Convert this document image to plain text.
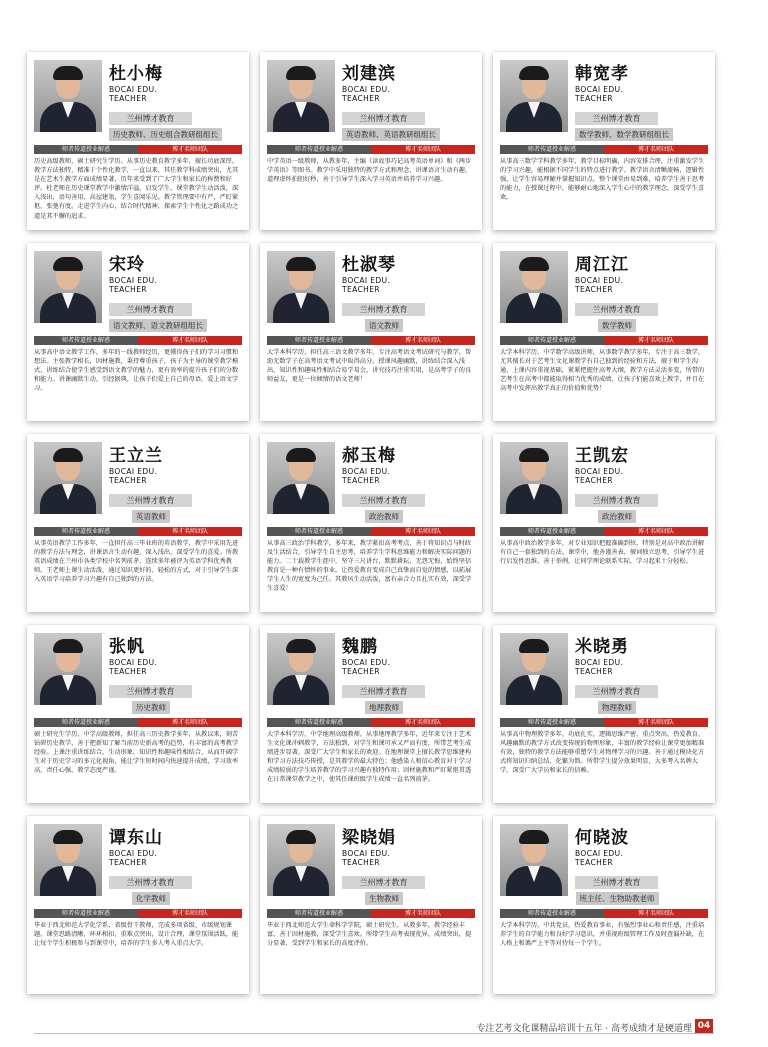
杜小梅
BOCAI EDU.
TEACHER
兰州博才教育
历史教师、历史组合教研组组长
师者传道授业解惑	博才名师团队
历史高级教师，硕士研究生学历。从事历史教育教学多年，擅长功底深厚，教学方法独特，精准于个性化教学，一直以来，其任教学科成绩突出，尤其是在艺术生教学方面成绩显著，历年来受到了广大学生和家长的称赞和好评。杜老师在历史课堂教学中激情洋溢，启发学生，课堂教学生动活泼，深入浅出，语句善用，高屋建瓴，学生喜闻乐见。教学管理要中有严，严盯紧抠，张弛有度。走进学生内心，结合时代精神，探索学生个性化之路成功之道是其不懈的追求。
刘建滨
BOCAI EDU.
TEACHER
兰州博才教育
英语教师、英语教研组组长
师者传道授业解惑	博才名师团队
中学英语一级教师，从教多年，主编《读故事巧记高考英语单词》和《两步学英语》等图书。教学中采用独特的教学方式和理念，讲课语言生动有趣，道理虚怀拍胆好秒，善于引导学生深入学习英语并培养学习兴趣。
韩宽孝
BOCAI EDU.
TEACHER
兰州博才教育
数学教师、数学教研组组长
师者传道授业解惑	博才名师团队
从事高三数学学科教学多年，教学目标明确，内容安排合理，注重激发学生的学习兴趣，能根据不同学生的特点进行教学。教学语言清晰流畅，逻辑性强，让学生容易理解并掌握知识点。整个课堂由易到难，培养学生善于思考的能力，在授课过程中，能够耐心地深入学生心中的教学理念，深受学生喜欢。
宋玲
BOCAI EDU.
TEACHER
兰州博才教育
语文教师、语文教研组组长
师者传道授业解惑	博才名师团队
从事高中语文教学工作，多年的一线教师经历，更懂得孩子们的学习习惯和想法。主张教学相长，因材施教，秉持尊重孩子，孩子为主导的课堂教学模式，讲练结合使学生感受到语文教学的魅力，更有效率的提升孩子们的分数和能力。讲课幽默生动，引经据典，让孩子们爱上自己的母语，爱上语文学习。
杜淑琴
BOCAI EDU.
TEACHER
兰州博才教育
语文教师
师者传道授业解惑	博才名师团队
大学本科学历，担任高三语文教学多年，专注高考语文考试研究与教学，帮助无数学子在高考语文考试中取得高分。授课风趣幽默，讲练结合深入浅出，知识性和趣味性相结合易学易会，讲究技巧注重实用，是高考学子的良师益友，更是一位倾情的语文老师！
周江江
BOCAI EDU.
TEACHER
兰州博才教育
数学教师
师者传道授业解惑	博才名师团队
大学本科学历，中学数学高级讲师，从事数学教学多年，专注于高三数学，尤其擅长对于艺考生文化课教学有自己独到的经验和方法，擅于和学生沟通，上课内容重视基础，紧紧把握住高考大纲，教学方法灵活多变，所带的艺考生在高考中都能取得相当优秀的成绩，让孩子们能喜欢上教学，并且在高考中发挥出教学真正的价值和优势！
王立兰
BOCAI EDU.
TEACHER
兰州博才教育
英语教师
师者传道授业解惑	博才名师团队
从事英语教学工作多年，一直担任高三毕业班的英语教学，教学中采用先进的教学方法与理念，讲课语言生动有趣，深入浅出，深受学生的喜爱。所教英语成绩在兰州市各类学校中名列前茅，连续多年被评为英语学科优秀教师。王老师上课生动活泼，通过知识更好的、轻松的方式，对于引导学生深入英语学习培养学习兴趣有自己独到的方法。
郝玉梅
BOCAI EDU.
TEACHER
兰州博才教育
政治教师
师者传道授业解惑	博才名师团队
从事高三政治学科教学，多年来，教学紧扣高考考点，善于将知识点与时政及生活结合，引导学生自主思考，培养学生学科思维能力和解决实际问题的能力。二十载教学生涯中，坚守三尺讲台，默默耕耘，无怨无悔，始终坚信教育是一种有情怀的事业。让热爱教育变成自己真挚而自觉的情感，以拓展学生人生的宽度为己任。其教风生动活泼，富有亲合力且扎实有效，深受学生喜爱！
王凯宏
BOCAI EDU.
TEACHER
兰州博才教育
政治教师
师者传道授业解惑	博才名师团队
从事高中政治教学多年，对专业知识把握准确到位，特别是对高中政治讲解有自己一套独到的方法。课堂中，他善谨善表，擅词独立思考，引导学生进行启发性思维，善于举例，让同学理论联系实际，学习起来十分轻松。
张帆
BOCAI EDU.
TEACHER
兰州博才教育
历史教师
师者传道授业解惑	博才名师团队
硕士研究生学历，中学高级教师，担任高三历史教学多年，从教以来，刻苦钻研历史教学，善于把新知了解当前历史新高考的趋势，有丰富的高考教学经验。上课注重讲练结合，生动形象，知识性和趣味性相结合，从而开阔学生对于历史学习的多元化视角，能让学生短时间内快速提升成绩，学习效率高，责任心强，教学态度严谨。
魏鹏
BOCAI EDU.
TEACHER
兰州博才教育
地理教师
师者传道授业解惑	博才名师团队
大学本科学历，中学地理高级教师。从事地理教学多年，近年来专注于艺术生文化课冲刺教学，方法独到，对学生和课可承又严而有度，所带艺考生成绩进步显著，深受广大学生和家长的欢迎。在地理课堂上擅长教学思维建构和学习方法技巧传授，是其教学的最大特色；他感染人和信心教育对于学习成绩较弱的学生培养教学的学习兴趣有独特作用；因材施教和严盯紧抠贯透在日常课堂教学之中，使其任课班级学生成绩一直名列前茅。
米晓勇
BOCAI EDU.
TEACHER
兰州博才教育
物理教师
师者传道授业解惑	博才名师团队
从事高中物理教学多年，功底扎实，逻辑思维严密，重点突出，热爱教育，风趣幽默的教学方式改变传统的物理形象，丰富的教学经验让课堂更加精准有效，独特的教学方法能够重塑学生对物理学习的兴趣。善于通过模块化方式将知识归纳总结，化繁为简。所带学生提分效果明显，大多考入名牌大学，深受广大学员和家长的信赖。
谭东山
BOCAI EDU.
TEACHER
兰州博才教育
化学教师
师者传道授业解惑	博才名师团队
毕业于西北师范大学化学系，省级骨干教师，完成多项省级、市级规划课题。课堂思路清晰，环环相扣，重难点突出，设计合理，课堂氛围活跃，能让每个学生积极参与到课堂中，培养的学生多人考入重点大学。
梁晓娟
BOCAI EDU.
TEACHER
兰州博才教育
生物教师
师者传道授业解惑	博才名师团队
毕业于西北师范大学生命科学学院，硕士研究生，从教多年，教学经验丰富，善于因材施教，深受学生喜欢。所带学生高考表现优异，成绩突出，提分显著，受到学生和家长的高度评价。
何晓波
BOCAI EDU.
TEACHER
兰州博才教育
班主任、生物助教老师
师者传道授业解惑	博才名师团队
大学本科学历，中共党员，热爱教育事业，有强烈事业心和责任感，注重培养学生的自学能力和良好学习意识，并重视班级管理工作及时查漏补缺，在人格上和蔼严上平等对待每一个学生。
专注艺考文化课精品培训十五年 · 高考成绩才是硬道理 04
